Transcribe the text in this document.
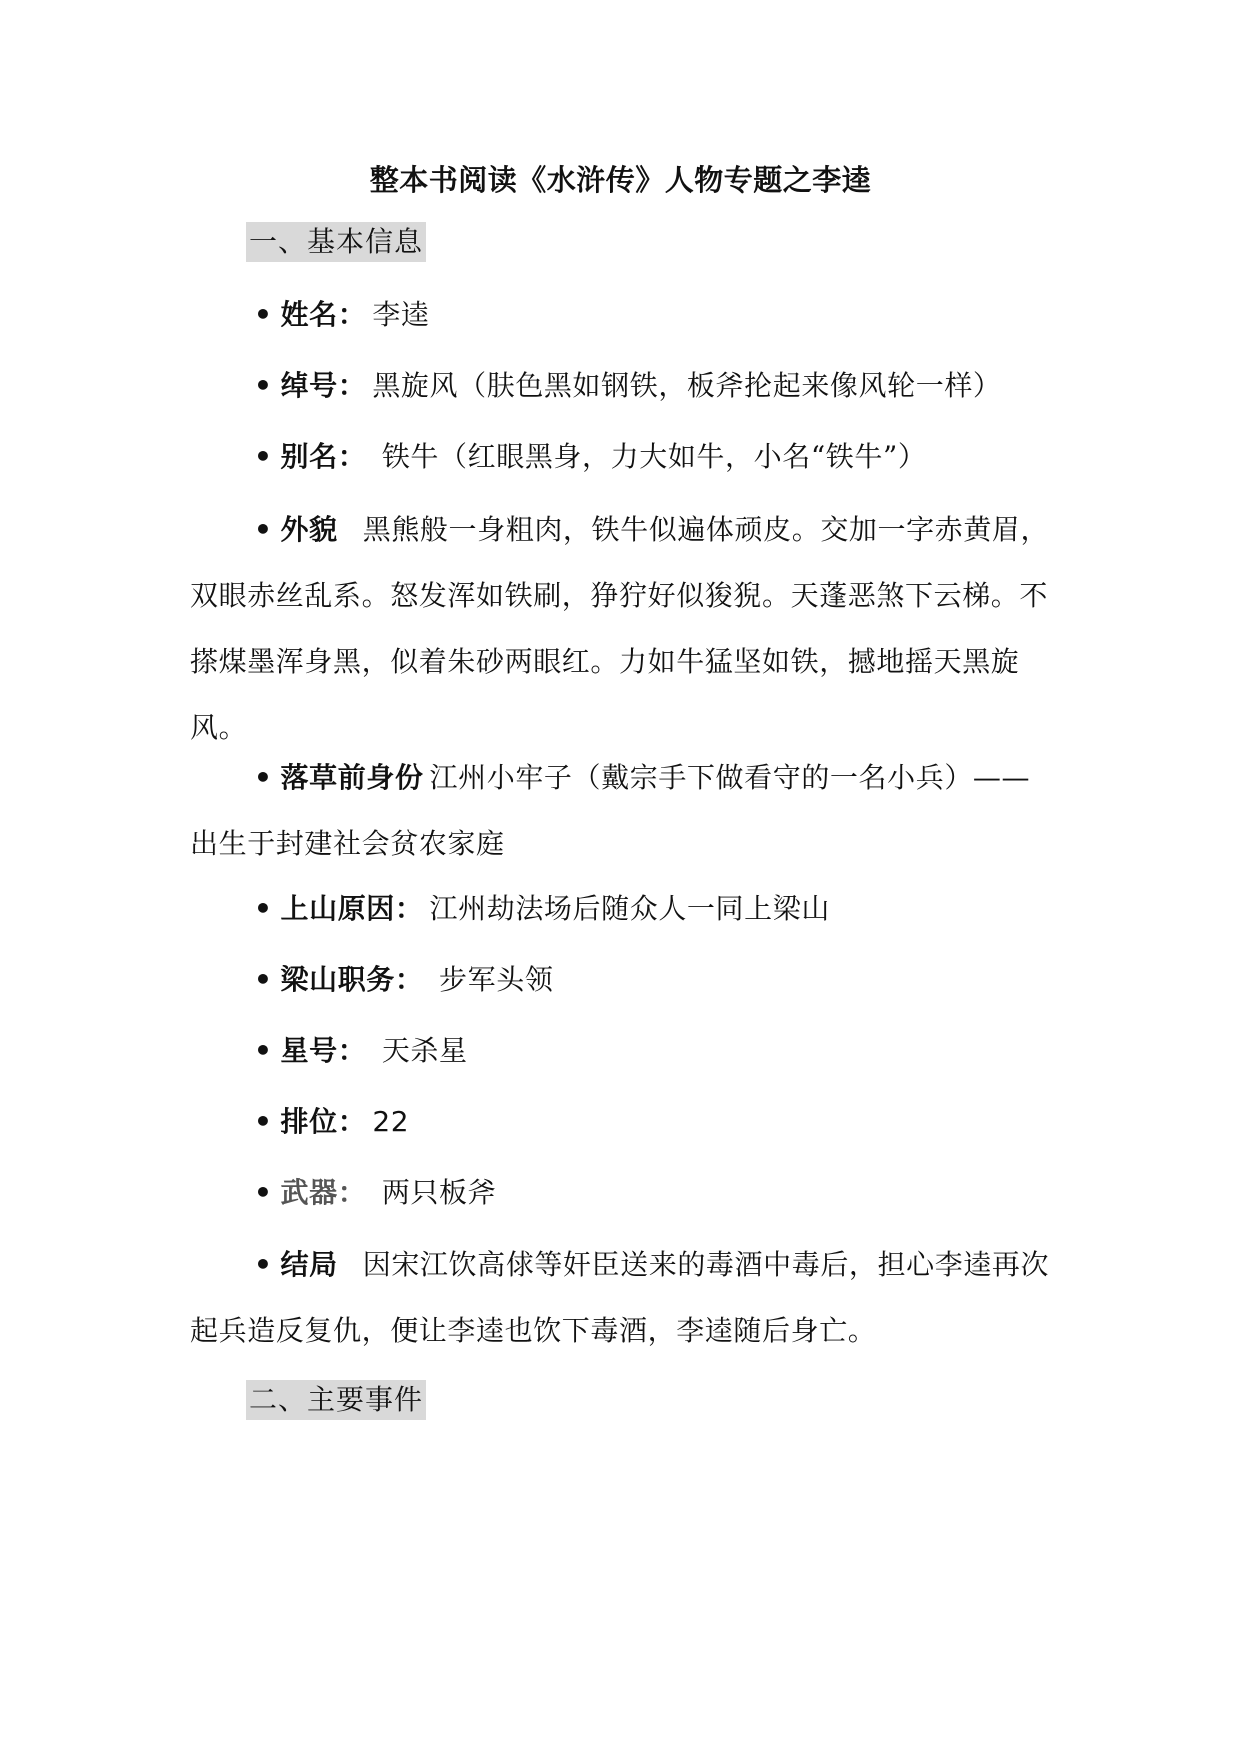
整本书阅读《水浒传》人物专题之李逵
一、基本信息
• 姓名： 李逵
• 绰号： 黑旋风（肤色黑如钢铁，板斧抡起来像风轮一样）
• 别名： 铁牛（红眼黑身，力大如牛，小名“铁牛”）
• 外貌 黑熊般一身粗肉，铁牛似遍体顽皮。交加一字赤黄眉，双眼赤丝乱系。怒发浑如铁刷，狰狞好似狻猊。天蓬恶煞下云梯。不搽煤墨浑身黑，似着朱砂两眼红。力如牛猛坚如铁，撼地摇天黑旋风。
• 落草前身份 江州小牢子（戴宗手下做看守的一名小兵）——出生于封建社会贫农家庭
• 上山原因： 江州劫法场后随众人一同上梁山
• 梁山职务： 步军头领
• 星号： 天杀星
• 排位： 22
• 武器： 两只板斧
• 结局 因宋江饮高俅等奸臣送来的毒酒中毒后，担心李逵再次起兵造反复仇，便让李逵也饮下毒酒，李逵随后身亡。
二、主要事件
